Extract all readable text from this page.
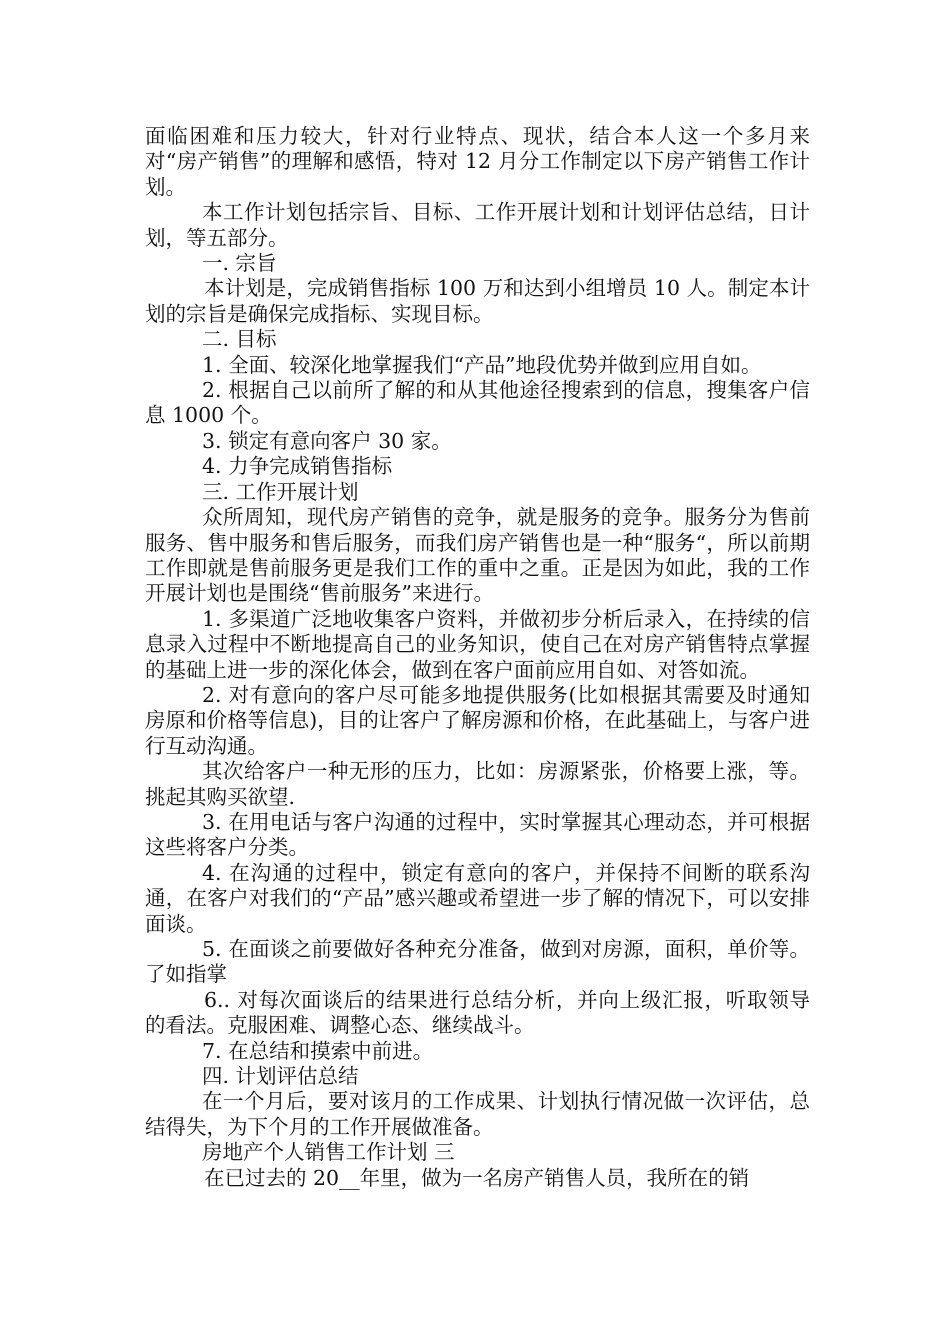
面临困难和压力较大，针对行业特点、现状，结合本人这一个多月来对“房产销售”的理解和感悟，特对 12 月分工作制定以下房产销售工作计划。

本工作计划包括宗旨、目标、工作开展计划和计划评估总结，日计划，等五部分。

一. 宗旨

本计划是，完成销售指标 100 万和达到小组增员 10 人。制定本计划的宗旨是确保完成指标、实现目标。

二. 目标

1. 全面、较深化地掌握我们“产品”地段优势并做到应用自如。

2. 根据自己以前所了解的和从其他途径搜索到的信息，搜集客户信息 1000 个。

3. 锁定有意向客户 30 家。

4. 力争完成销售指标

三. 工作开展计划

众所周知，现代房产销售的竞争，就是服务的竞争。服务分为售前服务、售中服务和售后服务，而我们房产销售也是一种“服务“，所以前期工作即就是售前服务更是我们工作的重中之重。正是因为如此，我的工作开展计划也是围绕“售前服务”来进行。

1. 多渠道广泛地收集客户资料，并做初步分析后录入，在持续的信息录入过程中不断地提高自己的业务知识，使自己在对房产销售特点掌握的基础上进一步的深化体会，做到在客户面前应用自如、对答如流。

2. 对有意向的客户尽可能多地提供服务(比如根据其需要及时通知房原和价格等信息)，目的让客户了解房源和价格，在此基础上，与客户进行互动沟通。

其次给客户一种无形的压力，比如：房源紧张，价格要上涨，等。挑起其购买欲望.

3. 在用电话与客户沟通的过程中，实时掌握其心理动态，并可根据这些将客户分类。

4. 在沟通的过程中，锁定有意向的客户，并保持不间断的联系沟通，在客户对我们的“产品”感兴趣或希望进一步了解的情况下，可以安排面谈。

5. 在面谈之前要做好各种充分准备，做到对房源，面积，单价等。了如指掌

6.. 对每次面谈后的结果进行总结分析，并向上级汇报，听取领导的看法。克服困难、调整心态、继续战斗。

7. 在总结和摸索中前进。

四. 计划评估总结

在一个月后，要对该月的工作成果、计划执行情况做一次评估，总结得失，为下个月的工作开展做准备。

房地产个人销售工作计划 三

在已过去的 20__年里，做为一名房产销售人员，我所在的销
